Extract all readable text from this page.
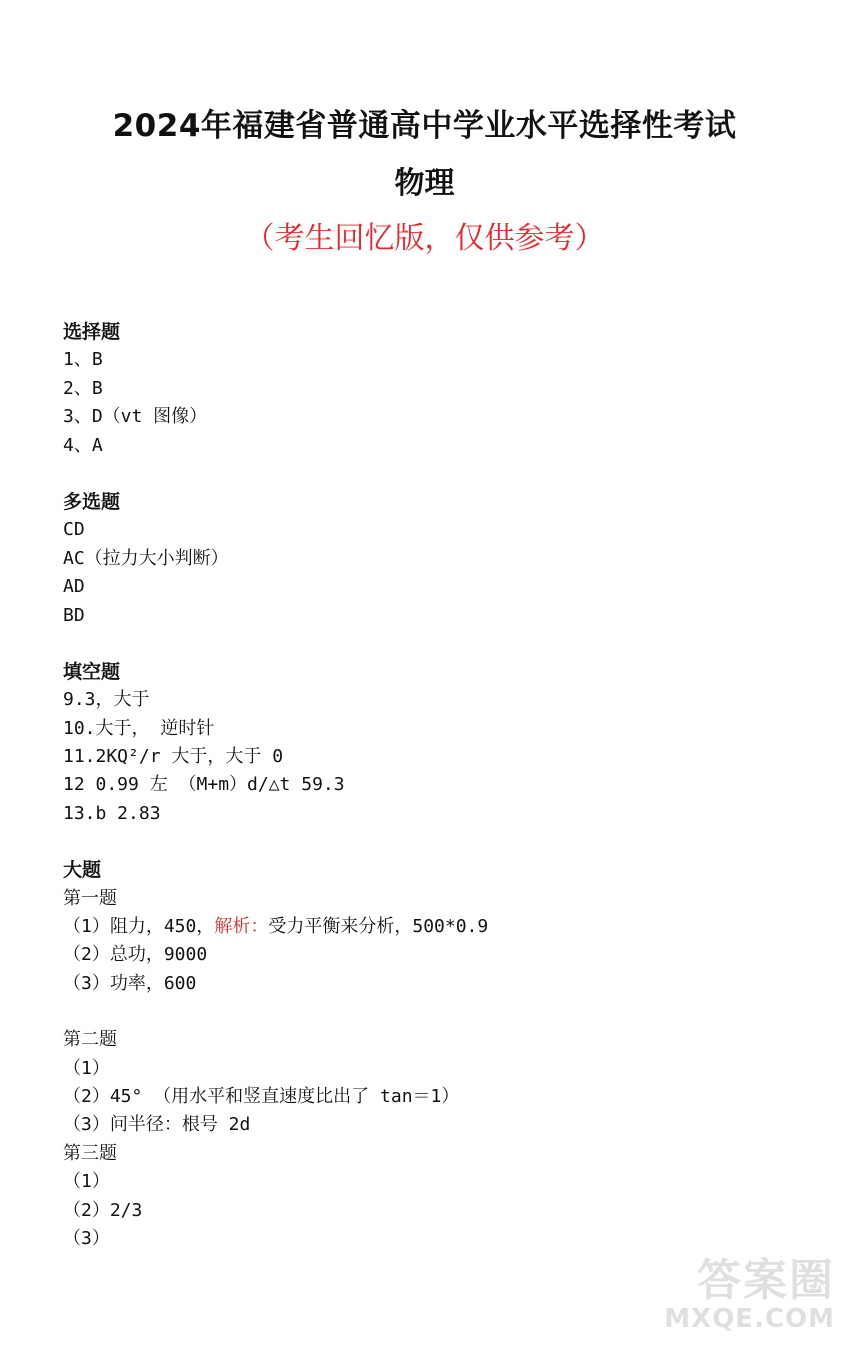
2024年福建省普通高中学业水平选择性考试
物理
（考生回忆版，仅供参考）
选择题
1、B
2、B
3、D（vt 图像）
4、A
多选题
CD
AC（拉力大小判断）
AD
BD
填空题
9.3，大于
10.大于， 逆时针
11.2KQ²/r 大于，大于 0
12 0.99 左 （M+m）d/△t 59.3
13.b 2.83
大题
第一题
（1）阻力，450，解析：受力平衡来分析，500*0.9
（2）总功，9000
（3）功率，600
第二题
（1）
（2）45° （用水平和竖直速度比出了 tan＝1）
（3）问半径：根号 2d
第三题
（1）
（2）2/3
（3）
答案圈
MXQE.COM
